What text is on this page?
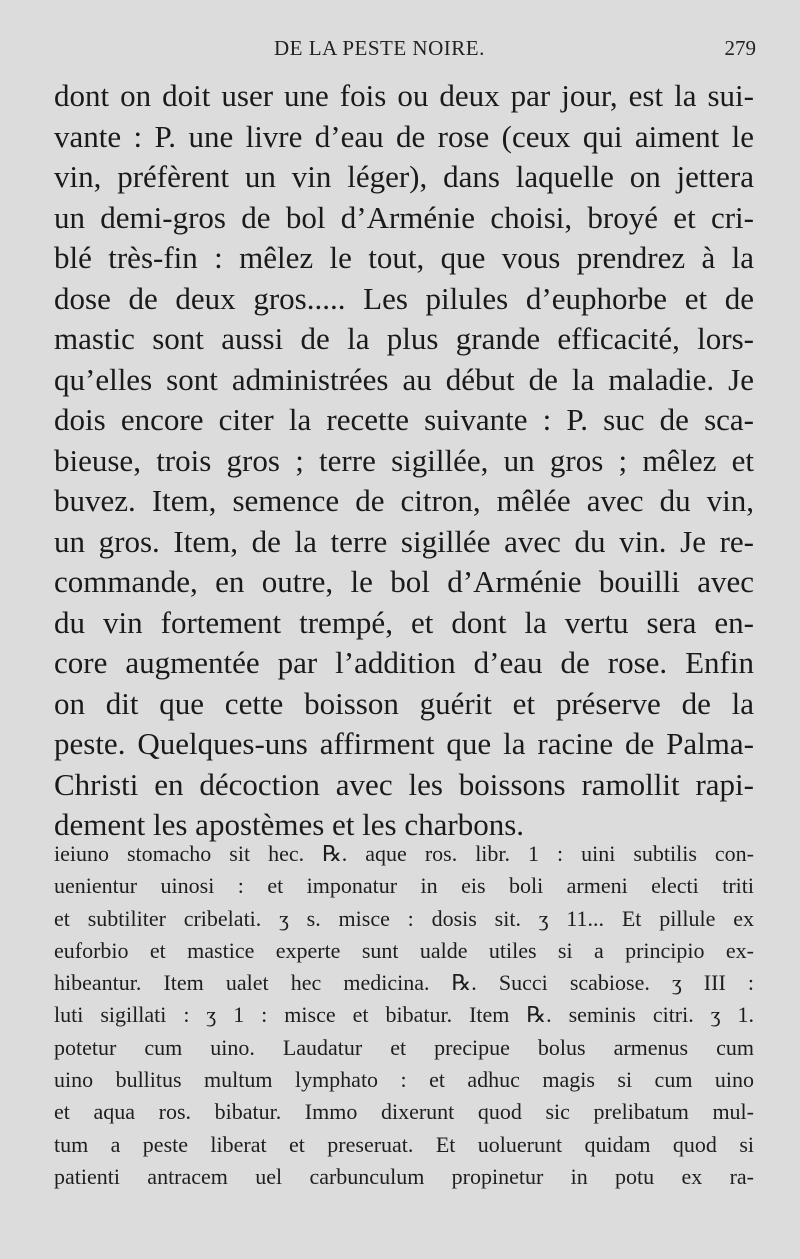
DE LA PESTE NOIRE.	279
dont on doit user une fois ou deux par jour, est la sui-
vante : P. une livre d’eau de rose (ceux qui aiment le
vin, préfèrent un vin léger), dans laquelle on jettera
un demi-gros de bol d’Arménie choisi, broyé et cri-
blé très-fin : mêlez le tout, que vous prendrez à la
dose de deux gros..... Les pilules d’euphorbe et de
mastic sont aussi de la plus grande efficacité, lors-
qu’elles sont administrées au début de la maladie. Je
dois encore citer la recette suivante : P. suc de sca-
bieuse, trois gros ; terre sigillée, un gros ; mêlez et
buvez. Item, semence de citron, mêlée avec du vin,
un gros. Item, de la terre sigillée avec du vin. Je re-
commande, en outre, le bol d’Arménie bouilli avec
du vin fortement trempé, et dont la vertu sera en-
core augmentée par l’addition d’eau de rose. Enfin
on dit que cette boisson guérit et préserve de la
peste. Quelques-uns affirment que la racine de Palma-
Christi en décoction avec les boissons ramollit rapi-
dement les apostèmes et les charbons.
ieiuno stomacho sit hec. ℞. aque ros. libr. 1 : uini subtilis con-
uenientur uinosi : et imponatur in eis boli armeni electi triti
et subtiliter cribelati. ʒ s. misce : dosis sit. ʒ 11... Et pillule ex
euforbio et mastice experte sunt ualde utiles si a principio ex-
hibeantur. Item ualet hec medicina. ℞. Succi scabiose. ʒ III :
luti sigillati : ʒ 1 : misce et bibatur. Item ℞. seminis citri. ʒ 1.
potetur cum uino. Laudatur et precipue bolus armenus cum
uino bullitus multum lymphato : et adhuc magis si cum uino
et aqua ros. bibatur. Immo dixerunt quod sic prelibatum mul-
tum a peste liberat et preseruat. Et uoluerunt quidam quod si
patienti antracem uel carbunculum propinetur in potu ex ra-
